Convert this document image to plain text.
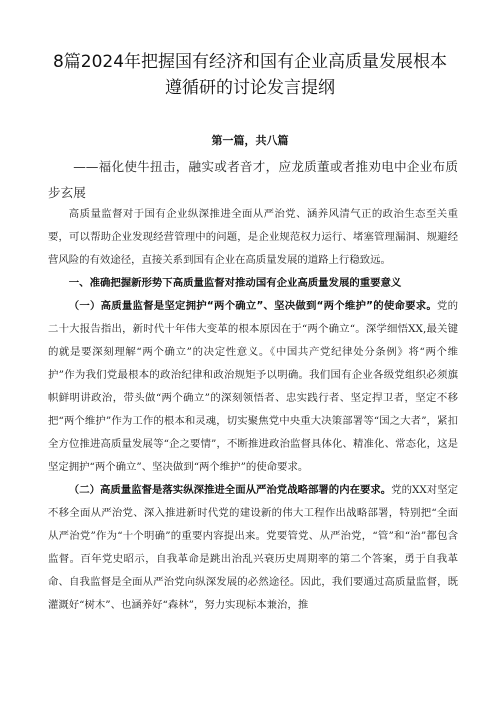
8篇2024年把握国有经济和国有企业高质量发展根本
遵循研的讨论发言提纲
第一篇，共八篇
——福化使牛扭击，融实或者音才，应龙质董或者推劝电中企业布质步玄展

高质量监督对于国有企业纵深推进全面从严治党、涵养风清气正的政治生态至关重要，可以帮助企业发现经营管理中的问题，是企业规范权力运行、堵塞管理漏洞、规避经营风险的有效途径，直接关系到国有企业在高质量发展的道路上行稳致远。

一、准确把握新形势下高质量监督对推动国有企业高质量发展的重要意义

（一）高质量监督是坚定拥护“两个确立”、坚决做到“两个维护”的使命要求。党的二十大报告指出，新时代十年伟大变革的根本原因在于“两个确立“。深学细悟XX,最关键的就是要深刻理解“两个确立”的决定性意义。《中国共产党纪律处分条例》将“两个维护”作为我们党最根本的政治纪律和政治规矩予以明确。我们国有企业各级党组织必须旗帜鲜明讲政治，带头做“两个确立”的深刻领悟者、忠实践行者、坚定捍卫者，坚定不移把“两个维护”作为工作的根本和灵魂，切实聚焦党中央重大决策部署等“国之大者”，紧扣全方位推进高质量发展等“企之要情”，不断推进政治监督具体化、精准化、常态化，这是坚定拥护“两个确立”、坚决做到“两个维护”的使命要求。

（二）高质量监督是落实纵深推进全面从严治党战略部署的内在要求。党的XX对坚定不移全面从严治党、深入推进新时代党的建设新的伟大工程作出战略部署，特别把“全面从严治党”作为“十个明确”的重要内容提出来。党要管党、从严治党，“管”和“治”都包含监督。百年党史昭示，自我革命是跳出治乱兴衰历史周期率的第二个答案，勇于自我革命、自我监督是全面从严治党向纵深发展的必然途径。因此，我们要通过高质量监督，既灌溉好“树木”、也涵养好“森林”，努力实现标本兼治，推
